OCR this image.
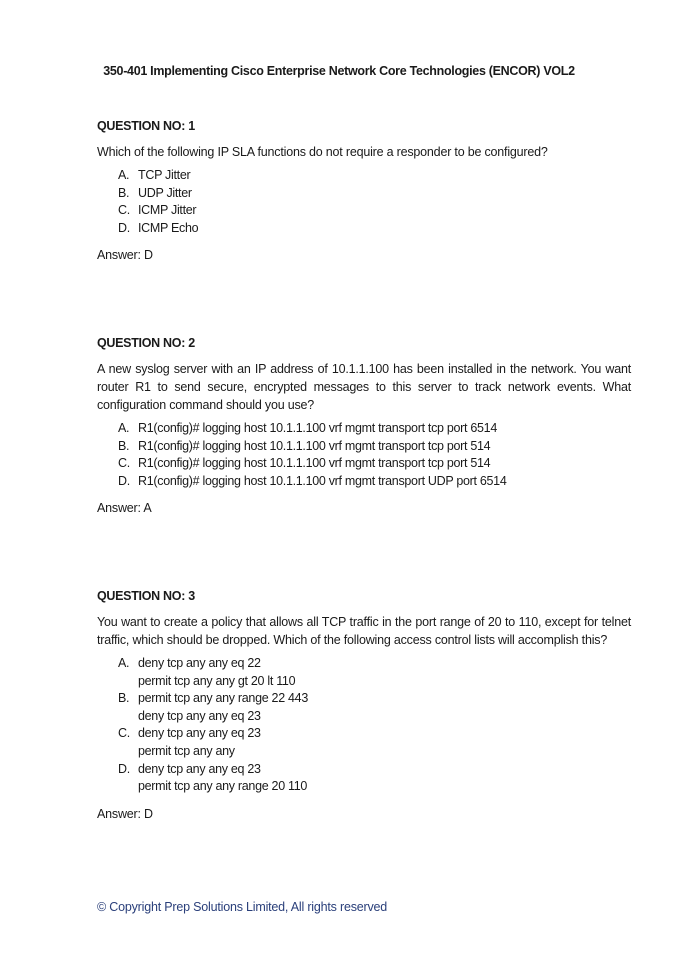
350-401 Implementing Cisco Enterprise Network Core Technologies (ENCOR) VOL2

QUESTION NO: 1

Which of the following IP SLA functions do not require a responder to be configured?

A. TCP Jitter
B. UDP Jitter
C. ICMP Jitter
D. ICMP Echo

Answer: D

QUESTION NO: 2

A new syslog server with an IP address of 10.1.1.100 has been installed in the network. You want router R1 to send secure, encrypted messages to this server to track network events. What configuration command should you use?

A. R1(config)# logging host 10.1.1.100 vrf mgmt transport tcp port 6514
B. R1(config)# logging host 10.1.1.100 vrf mgmt transport tcp port 514
C. R1(config)# logging host 10.1.1.100 vrf mgmt transport tcp port 514
D. R1(config)# logging host 10.1.1.100 vrf mgmt transport UDP port 6514

Answer: A

QUESTION NO: 3

You want to create a policy that allows all TCP traffic in the port range of 20 to 110, except for telnet traffic, which should be dropped. Which of the following access control lists will accomplish this?

A. deny tcp any any eq 22
permit tcp any any gt 20 lt 110
B. permit tcp any any range 22 443
deny tcp any any eq 23
C. deny tcp any any eq 23
permit tcp any any
D. deny tcp any any eq 23
permit tcp any any range 20 110

Answer: D

© Copyright Prep Solutions Limited, All rights reserved
